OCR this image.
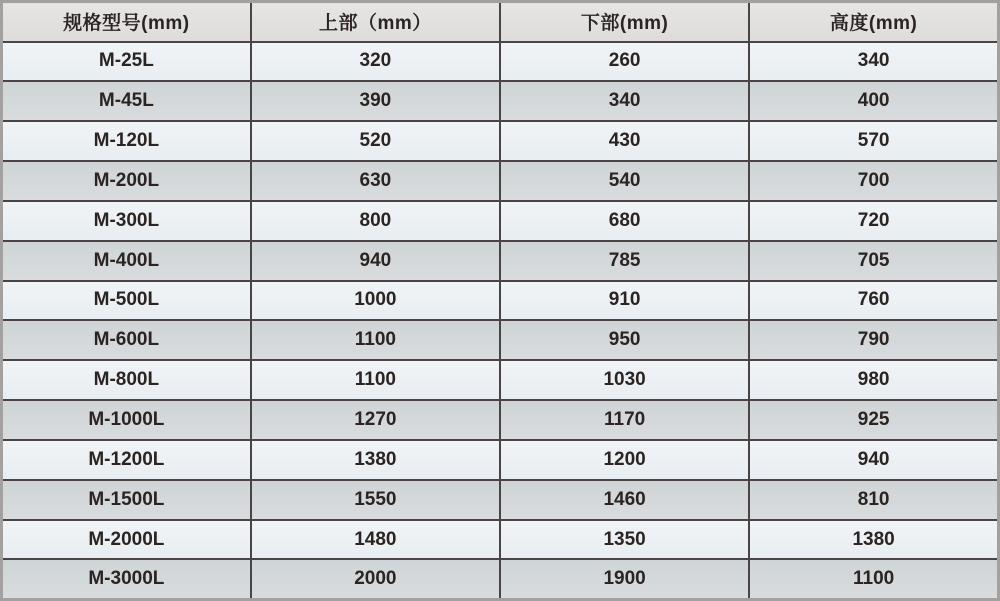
规格型号(mm)	上部（mm）	下部(mm)	高度(mm)
M-25L	320	260	340
M-45L	390	340	400
M-120L	520	430	570
M-200L	630	540	700
M-300L	800	680	720
M-400L	940	785	705
M-500L	1000	910	760
M-600L	1100	950	790
M-800L	1100	1030	980
M-1000L	1270	1170	925
M-1200L	1380	1200	940
M-1500L	1550	1460	810
M-2000L	1480	1350	1380
M-3000L	2000	1900	1100
